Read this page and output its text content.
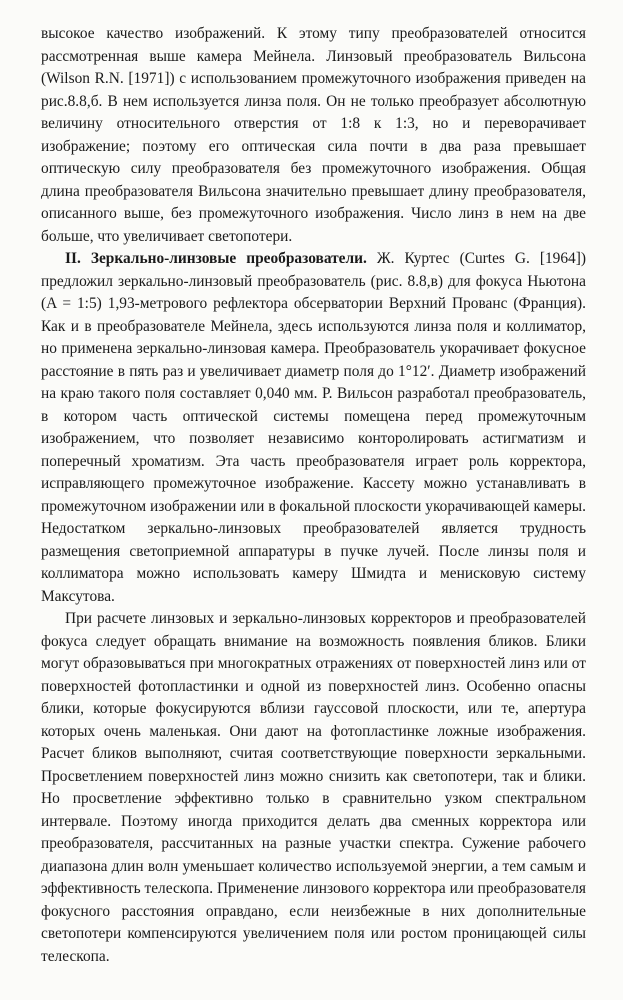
высокое качество изображений. К этому типу преобразователей относится рассмотренная выше камера Мейнела. Линзовый преобразователь Вильсона (Wilson R.N. [1971]) с использованием промежуточного изображения приведен на рис.8.8,б. В нем используется линза поля. Он не только преобразует абсолютную величину относительного отверстия от 1:8 к 1:3, но и переворачивает изображение; поэтому его оптическая сила почти в два раза превышает оптическую силу преобразователя без промежуточного изображения. Общая длина преобразователя Вильсона значительно превышает длину преобразователя, описанного выше, без промежуточного изображения. Число линз в нем на две больше, что увеличивает светопотери.

II. Зеркально-линзовые преобразователи. Ж. Куртес (Curtes G. [1964]) предложил зеркально-линзовый преобразователь (рис. 8.8,в) для фокуса Ньютона (A = 1:5) 1,93-метрового рефлектора обсерватории Верхний Прованс (Франция). Как и в преобразователе Мейнела, здесь используются линза поля и коллиматор, но применена зеркально-линзовая камера. Преобразователь укорачивает фокусное расстояние в пять раз и увеличивает диаметр поля до 1°12′. Диаметр изображений на краю такого поля составляет 0,040 мм. Р. Вильсон разработал преобразователь, в котором часть оптической системы помещена перед промежуточным изображением, что позволяет независимо конторолировать астигматизм и поперечный хроматизм. Эта часть преобразователя играет роль корректора, исправляющего промежуточное изображение. Кассету можно устанавливать в промежуточном изображении или в фокальной плоскости укорачивающей камеры. Недостатком зеркально-линзовых преобразователей является трудность размещения светоприемной аппаратуры в пучке лучей. После линзы поля и коллиматора можно использовать камеру Шмидта и мениcковую систему Максутова.

При расчете линзовых и зеркально-линзовых корректоров и преобразователей фокуса следует обращать внимание на возможность появления бликов. Блики могут образовываться при многократных отражениях от поверхностей линз или от поверхностей фотопластинки и одной из поверхностей линз. Особенно опасны блики, которые фокусируются вблизи гауссовой плоскости, или те, апертура которых очень маленькая. Они дают на фотопластинке ложные изображения. Расчет бликов выполняют, считая соответствующие поверхности зеркальными. Просветлением поверхностей линз можно снизить как светопотери, так и блики. Но просветление эффективно только в сравнительно узком спектральном интервале. Поэтому иногда приходится делать два сменных корректора или преобразователя, рассчитанных на разные участки спектра. Сужение рабочего диапазона длин волн уменьшает количество используемой энергии, а тем самым и эффективность телескопа. Применение линзового корректора или преобразователя фокусного расстояния оправдано, если неизбежные в них дополнительные светопотери компенсируются увеличением поля или ростом проницающей силы телескопа.
